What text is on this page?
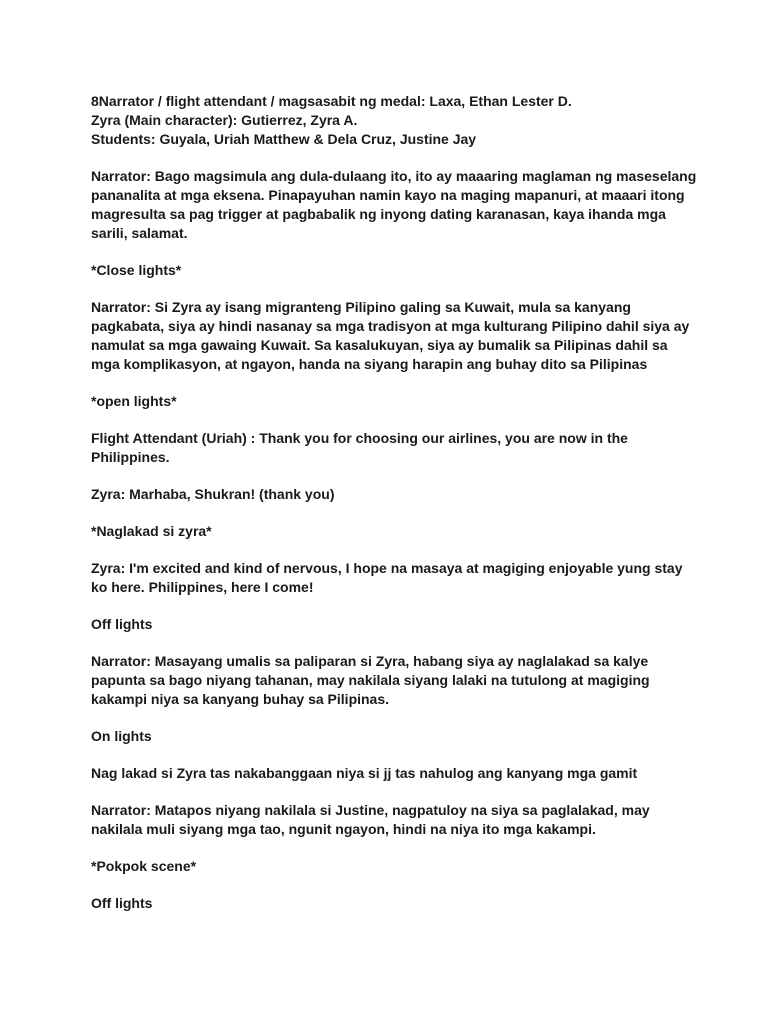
8Narrator / flight attendant / magsasabit ng medal: Laxa, Ethan Lester D.

Zyra (Main character): Gutierrez, Zyra A.

Students: Guyala, Uriah Matthew & Dela Cruz, Justine Jay

Narrator: Bago magsimula ang dula-dulaang ito, ito ay maaaring maglaman ng maseselang pananalita at mga eksena. Pinapayuhan namin kayo na maging mapanuri, at maaari itong magresulta sa pag trigger at pagbabalik ng inyong dating karanasan, kaya ihanda mga sarili, salamat.

*Close lights*

Narrator: Si Zyra ay isang migranteng Pilipino galing sa Kuwait, mula sa kanyang pagkabata, siya ay hindi nasanay sa mga tradisyon at mga kulturang Pilipino dahil siya ay namulat sa mga gawaing Kuwait. Sa kasalukuyan, siya ay bumalik sa Pilipinas dahil sa mga komplikasyon, at ngayon, handa na siyang harapin ang buhay dito sa Pilipinas

*open lights*

Flight Attendant (Uriah) : Thank you for choosing our airlines, you are now in the Philippines.

Zyra: Marhaba, Shukran! (thank you)

*Naglakad si zyra*

Zyra: I'm excited and kind of nervous, I hope na masaya at magiging enjoyable yung stay ko here. Philippines, here I come!

Off lights

Narrator: Masayang umalis sa paliparan si Zyra, habang siya ay naglalakad sa kalye papunta sa bago niyang tahanan, may nakilala siyang lalaki na tutulong at magiging kakampi niya sa kanyang buhay sa Pilipinas.

On lights

Nag lakad si Zyra tas nakabanggaan niya si jj tas nahulog ang kanyang mga gamit

Narrator: Matapos niyang nakilala si Justine, nagpatuloy na siya sa paglalakad, may nakilala muli siyang mga tao, ngunit ngayon, hindi na niya ito mga kakampi.

*Pokpok scene*

Off lights
